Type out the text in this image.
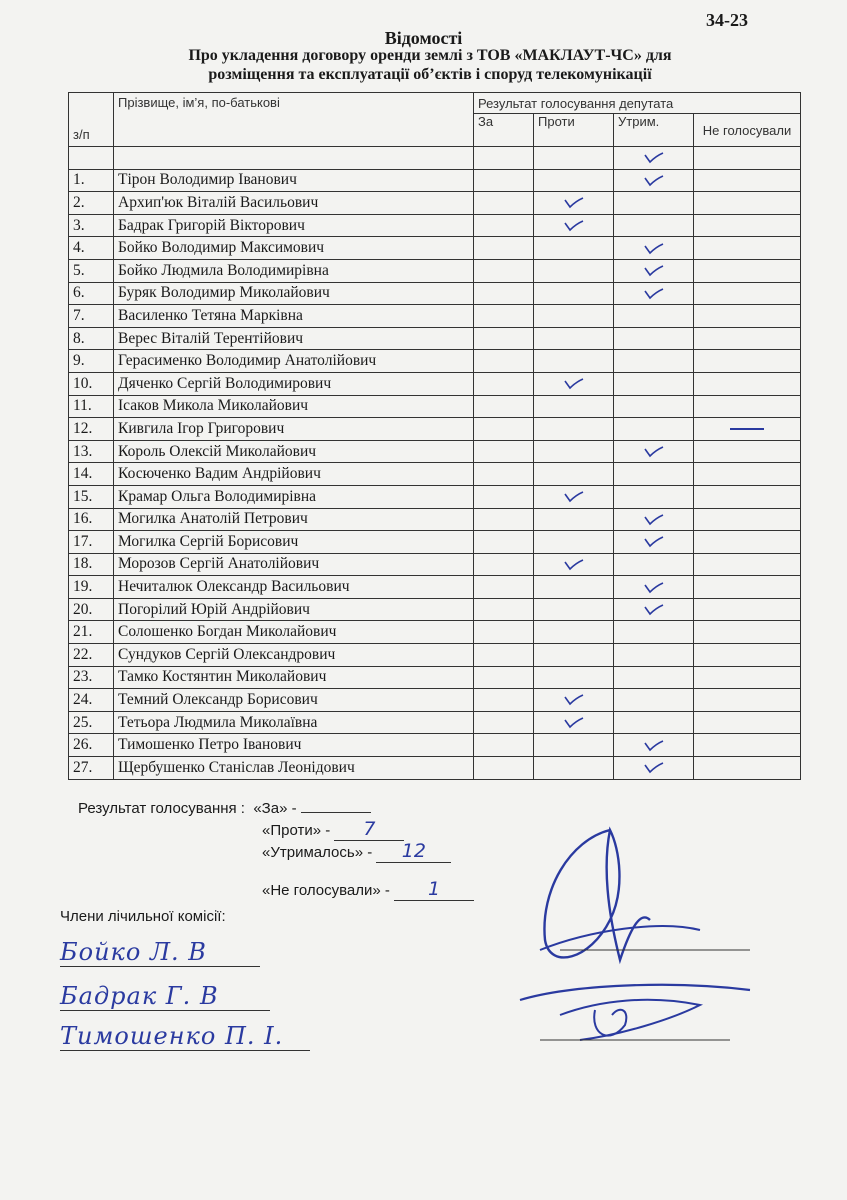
34-23
Відомості
Про укладення договору оренди землі з ТОВ «МАКЛАУТ-ЧС» для
розміщення та експлуатації об’єктів і споруд телекомунікації
з/п	Прізвище, ім’я, по-батькові	Результат голосування депутата			
		За	Проти	Утрим.	Не голосували

1.	Тірон Володимир Іванович				
2.	Архип'юк Віталій Васильович				
3.	Бадрак Григорій Вікторович				
4.	Бойко Володимир Максимович				
5.	Бойко Людмила Володимирівна				
6.	Буряк Володимир Миколайович				
7.	Василенко Тетяна Марківна				
8.	Верес Віталій Терентійович				
9.	Герасименко Володимир Анатолійович				
10.	Дяченко Сергій Володимирович				
11.	Ісаков Микола Миколайович				
12.	Кивгила Ігор Григорович				
13.	Король Олексій Миколайович				
14.	Косюченко Вадим Андрійович				
15.	Крамар Ольга Володимирівна				
16.	Могилка Анатолій Петрович				
17.	Могилка Сергій Борисович				
18.	Морозов Сергій Анатолійович				
19.	Нечиталюк Олександр Васильович				
20.	Погорілий Юрій Андрійович				
21.	Солошенко Богдан Миколайович				
22.	Сундуков Сергій Олександрович				
23.	Тамко Костянтин Миколайович				
24.	Темний Олександр Борисович				
25.	Тетьора Людмила Миколаївна				
26.	Тимошенко Петро Іванович				
27.	Щербушенко Станіслав Леонідович				
Результат голосування : «За» -
«Проти» - 7
«Утрималось» - 12
«Не голосували» - 1
Члени лічильної комісії:
Бойко Л. В
Бадрак Г. В
Тимошенко П. І.
